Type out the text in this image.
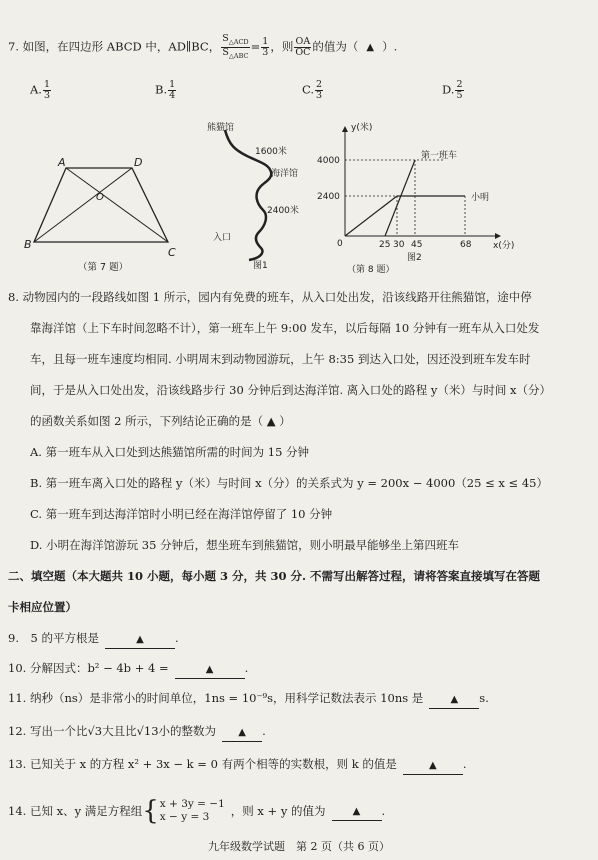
7. 如图，在四边形 ABCD 中，AD∥BC， $\frac{S_{\triangle ACD}}{S_{\triangle ABC}} = \frac{1}{3}$ ，则 $\frac{OA}{OC}$ 的值为（ ▲ ）.
A. $\frac{1}{3}$	B. $\frac{1}{4}$	C. $\frac{2}{3}$	D. $\frac{2}{5}$
A	D
O
B
C
（第 7 题）
熊猫馆
1600米
海洋馆
2400米
入口
图1
y(米)
x(分)
0
4000
2400
25 30 45	68
第一班车
小明
图2
（第 8 题）
8. 动物园内的一段路线如图 1 所示，园内有免费的班车，从入口处出发，沿该线路开往熊猫馆，途中停
靠海洋馆（上下车时间忽略不计），第一班车上午 9:00 发车，以后每隔 10 分钟有一班车从入口处发
车，且每一班车速度均相同. 小明周末到动物园游玩，上午 8:35 到达入口处，因还没到班车发车时
间，于是从入口处出发，沿该线路步行 30 分钟后到达海洋馆. 离入口处的路程 y（米）与时间 x（分）
的函数关系如图 2 所示，下列结论正确的是（ ▲ ）
A. 第一班车从入口处到达熊猫馆所需的时间为 15 分钟
B. 第一班车离入口处的路程 y（米）与时间 x（分）的关系式为 y = 200x − 4000（25 ≤ x ≤ 45）
C. 第一班车到达海洋馆时小明已经在海洋馆停留了 10 分钟
D. 小明在海洋馆游玩 35 分钟后，想坐班车到熊猫馆，则小明最早能够坐上第四班车
二、填空题（本大题共 10 小题，每小题 3 分，共 30 分. 不需写出解答过程，请将答案直接填写在答题
卡相应位置）
9.　5 的平方根是	▲	.
10. 分解因式：b² − 4b + 4 =	▲	.
11. 纳秒（ns）是非常小的时间单位，1ns = 10⁻⁹s，用科学记数法表示 10ns 是	▲ s.
12. 写出一个比√3大且比√13小的整数为 ▲ .
13. 已知关于 x 的方程 x² + 3x − k = 0 有两个相等的实数根，则 k 的值是	▲ .
14. 已知 x、y 满足方程组{ x + 3y = −1
x − y = 3	，则 x + y 的值为	▲ .
九年级数学试题　第 2 页（共 6 页）
